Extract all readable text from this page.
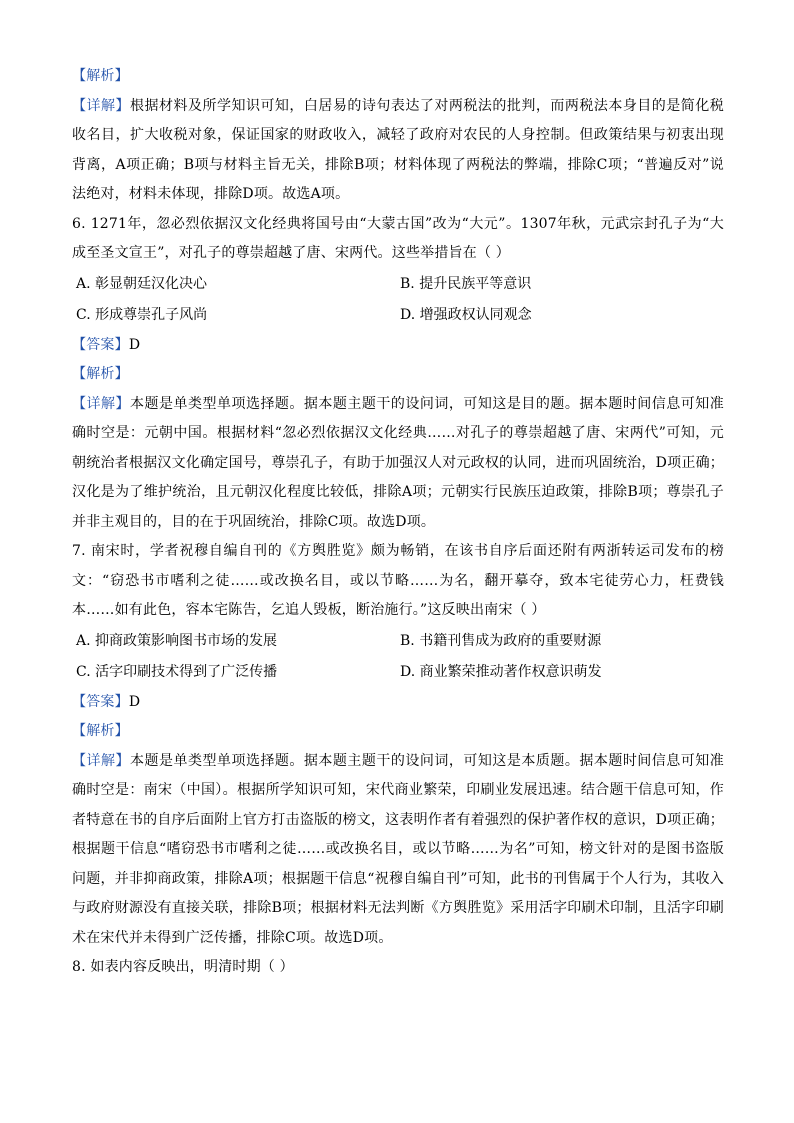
【解析】

【详解】根据材料及所学知识可知，白居易的诗句表达了对两税法的批判，而两税法本身目的是简化税收名目，扩大收税对象，保证国家的财政收入，减轻了政府对农民的人身控制。但政策结果与初衷出现背离，A项正确；B项与材料主旨无关，排除B项；材料体现了两税法的弊端，排除C项；“普遍反对”说法绝对，材料未体现，排除D项。故选A项。

6. 1271年，忽必烈依据汉文化经典将国号由“大蒙古国”改为“大元”。1307年秋，元武宗封孔子为“大成至圣文宣王”，对孔子的尊崇超越了唐、宋两代。这些举措旨在（ ）

A. 彰显朝廷汉化决心	B. 提升民族平等意识
C. 形成尊崇孔子风尚	D. 增强政权认同观念

【答案】D

【解析】

【详解】本题是单类型单项选择题。据本题主题干的设问词，可知这是目的题。据本题时间信息可知准确时空是：元朝中国。根据材料“忽必烈依据汉文化经典……对孔子的尊崇超越了唐、宋两代”可知，元朝统治者根据汉文化确定国号，尊崇孔子，有助于加强汉人对元政权的认同，进而巩固统治，D项正确；汉化是为了维护统治，且元朝汉化程度比较低，排除A项；元朝实行民族压迫政策，排除B项；尊崇孔子并非主观目的，目的在于巩固统治，排除C项。故选D项。

7. 南宋时，学者祝穆自编自刊的《方舆胜览》颇为畅销，在该书自序后面还附有两浙转运司发布的榜文：“窃恐书市嗜利之徒……或改换名目，或以节略……为名，翻开摹夺，致本宅徒劳心力，枉费钱本……如有此色，容本宅陈告，乞追人毁板，断治施行。”这反映出南宋（ ）

A. 抑商政策影响图书市场的发展	B. 书籍刊售成为政府的重要财源
C. 活字印刷技术得到了广泛传播	D. 商业繁荣推动著作权意识萌发

【答案】D

【解析】

【详解】本题是单类型单项选择题。据本题主题干的设问词，可知这是本质题。据本题时间信息可知准确时空是：南宋（中国）。根据所学知识可知，宋代商业繁荣，印刷业发展迅速。结合题干信息可知，作者特意在书的自序后面附上官方打击盗版的榜文，这表明作者有着强烈的保护著作权的意识，D项正确；根据题干信息“嗜窃恐书市嗜利之徒……或改换名目，或以节略……为名”可知，榜文针对的是图书盗版问题，并非抑商政策，排除A项；根据题干信息“祝穆自编自刊”可知，此书的刊售属于个人行为，其收入与政府财源没有直接关联，排除B项；根据材料无法判断《方舆胜览》采用活字印刷术印制，且活字印刷术在宋代并未得到广泛传播，排除C项。故选D项。

8. 如表内容反映出，明清时期（ ）
